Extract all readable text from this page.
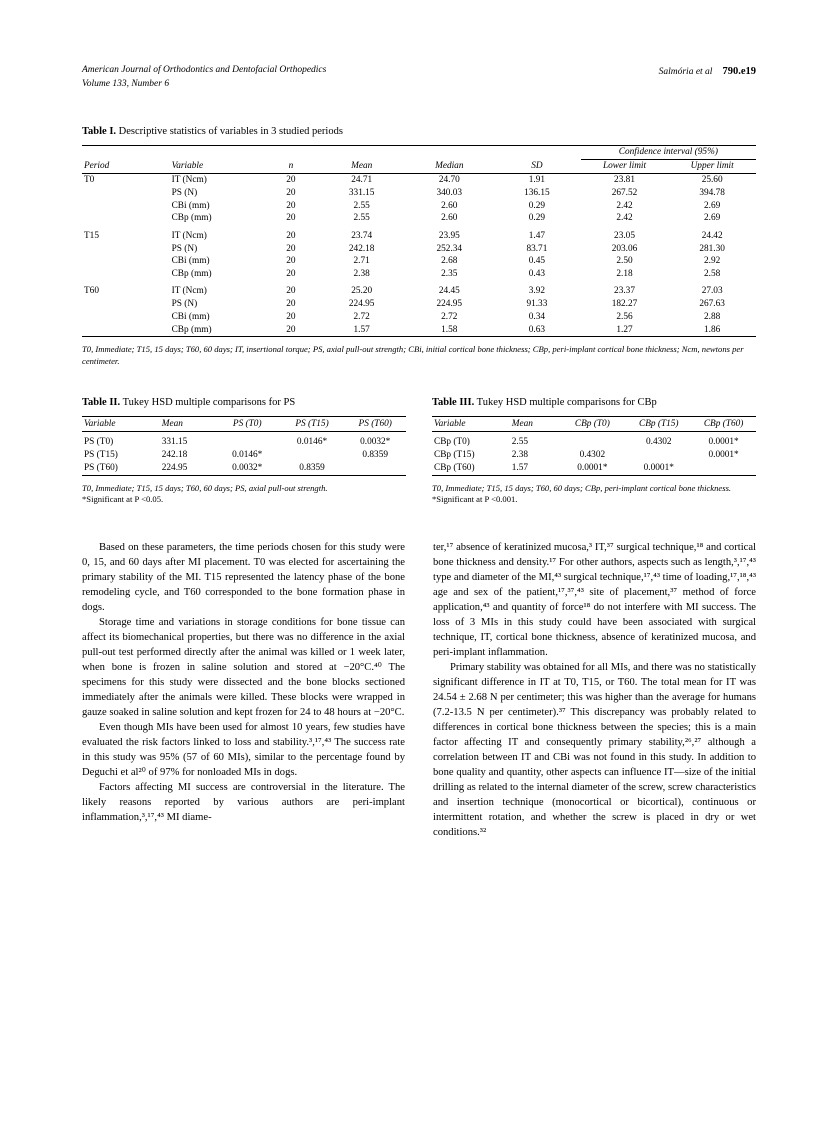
American Journal of Orthodontics and Dentofacial Orthopedics
Volume 133, Number 6
Salmória et al 790.e19
Table I. Descriptive statistics of variables in 3 studied periods
						Confidence interval (95%)	
Period	Variable	n	Mean	Median	SD	Lower limit	Upper limit
T0	IT (Ncm)	20	24.71	24.70	1.91	23.81	25.60
	PS (N)	20	331.15	340.03	136.15	267.52	394.78
	CBi (mm)	20	2.55	2.60	0.29	2.42	2.69
	CBp (mm)	20	2.55	2.60	0.29	2.42	2.69
T15	IT (Ncm)	20	23.74	23.95	1.47	23.05	24.42
	PS (N)	20	242.18	252.34	83.71	203.06	281.30
	CBi (mm)	20	2.71	2.68	0.45	2.50	2.92
	CBp (mm)	20	2.38	2.35	0.43	2.18	2.58
T60	IT (Ncm)	20	25.20	24.45	3.92	23.37	27.03
	PS (N)	20	224.95	224.95	91.33	182.27	267.63
	CBi (mm)	20	2.72	2.72	0.34	2.56	2.88
	CBp (mm)	20	1.57	1.58	0.63	1.27	1.86
T0, Immediate; T15, 15 days; T60, 60 days; IT, insertional torque; PS, axial pull-out strength; CBi, initial cortical bone thickness; CBp, peri-implant cortical bone thickness; Ncm, newtons per centimeter.
Table II. Tukey HSD multiple comparisons for PS
Variable	Mean	PS (T0)	PS (T15)	PS (T60)
PS (T0)	331.15		0.0146*	0.0032*
PS (T15)	242.18	0.0146*		0.8359
PS (T60)	224.95	0.0032*	0.8359	
T0, Immediate; T15, 15 days; T60, 60 days; PS, axial pull-out strength.
*Significant at P <0.05.
Table III. Tukey HSD multiple comparisons for CBp
Variable	Mean	CBp (T0)	CBp (T15)	CBp (T60)
CBp (T0)	2.55		0.4302	0.0001*
CBp (T15)	2.38	0.4302		0.0001*
CBp (T60)	1.57	0.0001*	0.0001*	
T0, Immediate; T15, 15 days; T60, 60 days; CBp, peri-implant cortical bone thickness.
*Significant at P <0.001.

Based on these parameters, the time periods chosen for this study were 0, 15, and 60 days after MI placement. T0 was elected for ascertaining the primary stability of the MI. T15 represented the latency phase of the bone remodeling cycle, and T60 corresponded to the bone formation phase in dogs.

Storage time and variations in storage conditions for bone tissue can affect its biomechanical properties, but there was no difference in the axial pull-out test performed directly after the animal was killed or 1 week later, when bone is frozen in saline solution and stored at −20°C.⁴⁰ The specimens for this study were dissected and the bone blocks sectioned immediately after the animals were killed. These blocks were wrapped in gauze soaked in saline solution and kept frozen for 24 to 48 hours at −20°C.

Even though MIs have been used for almost 10 years, few studies have evaluated the risk factors linked to loss and stability.³,¹⁷,⁴³ The success rate in this study was 95% (57 of 60 MIs), similar to the percentage found by Deguchi et al²⁰ of 97% for nonloaded MIs in dogs.

Factors affecting MI success are controversial in the literature. The likely reasons reported by various authors are peri-implant inflammation,³,¹⁷,⁴³ MI diame-

ter,¹⁷ absence of keratinized mucosa,³ IT,³⁷ surgical technique,¹⁸ and cortical bone thickness and density.¹⁷ For other authors, aspects such as length,³,¹⁷,⁴³ type and diameter of the MI,⁴³ surgical technique,¹⁷,⁴³ time of loading,¹⁷,¹⁸,⁴³ age and sex of the patient,¹⁷,³⁷,⁴³ site of placement,³⁷ method of force application,⁴³ and quantity of force¹⁸ do not interfere with MI success. The loss of 3 MIs in this study could have been associated with surgical technique, IT, cortical bone thickness, absence of keratinized mucosa, and peri-implant inflammation.

Primary stability was obtained for all MIs, and there was no statistically significant difference in IT at T0, T15, or T60. The total mean for IT was 24.54 ± 2.68 N per centimeter; this was higher than the average for humans (7.2-13.5 N per centimeter).³⁷ This discrepancy was probably related to differences in cortical bone thickness between the species; this is a main factor affecting IT and consequently primary stability,²⁶,²⁷ although a correlation between IT and CBi was not found in this study. In addition to bone quality and quantity, other aspects can influence IT—size of the initial drilling as related to the internal diameter of the screw, screw characteristics and insertion technique (monocortical or bicortical), continuous or intermittent rotation, and whether the screw is placed in dry or wet conditions.³²
